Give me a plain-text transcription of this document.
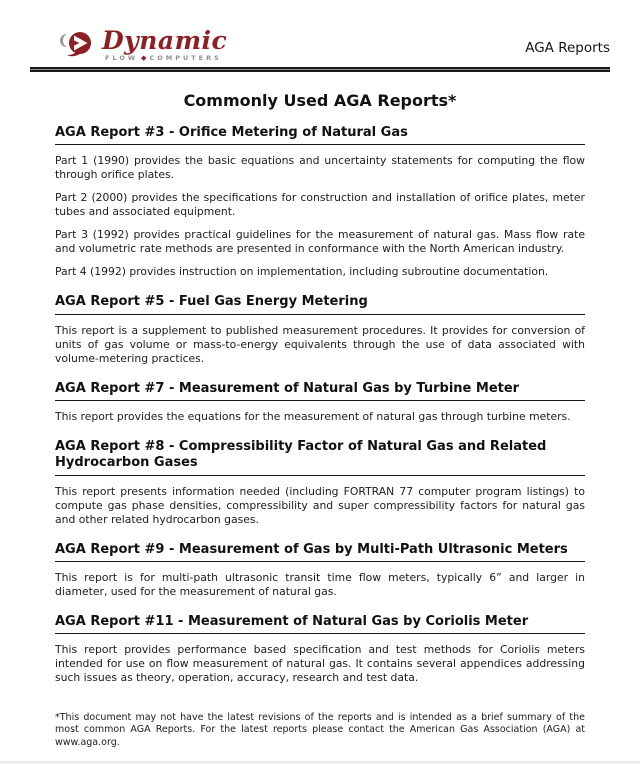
Dynamic
FLOW ◆ COMPUTERS
AGA Reports
Commonly Used AGA Reports*
AGA Report #3 - Orifice Metering of Natural Gas

Part 1 (1990) provides the basic equations and uncertainty statements for computing the flow through orifice plates.

Part 2 (2000) provides the specifications for construction and installation of orifice plates, meter tubes and associated equipment.

Part 3 (1992) provides practical guidelines for the measurement of natural gas. Mass flow rate and volumetric rate methods are presented in conformance with the North American industry.

Part 4 (1992) provides instruction on implementation, including subroutine documentation.

AGA Report #5 - Fuel Gas Energy Metering

This report is a supplement to published measurement procedures. It provides for conversion of units of gas volume or mass-to-energy equivalents through the use of data associated with volume-metering practices.

AGA Report #7 - Measurement of Natural Gas by Turbine Meter

This report provides the equations for the measurement of natural gas through turbine meters.

AGA Report #8 - Compressibility Factor of Natural Gas and Related Hydrocarbon Gases

This report presents information needed (including FORTRAN 77 computer program listings) to compute gas phase densities, compressibility and super compressibility factors for natural gas and other related hydrocarbon gases.

AGA Report #9 - Measurement of Gas by Multi-Path Ultrasonic Meters

This report is for multi-path ultrasonic transit time flow meters, typically 6” and larger in diameter, used for the measurement of natural gas.

AGA Report #11 - Measurement of Natural Gas by Coriolis Meter

This report provides performance based specification and test methods for Coriolis meters intended for use on flow measurement of natural gas. It contains several appendices addressing such issues as theory, operation, accuracy, research and test data.

*This document may not have the latest revisions of the reports and is intended as a brief summary of the most common AGA Reports. For the latest reports please contact the American Gas Association (AGA) at www.aga.org.
